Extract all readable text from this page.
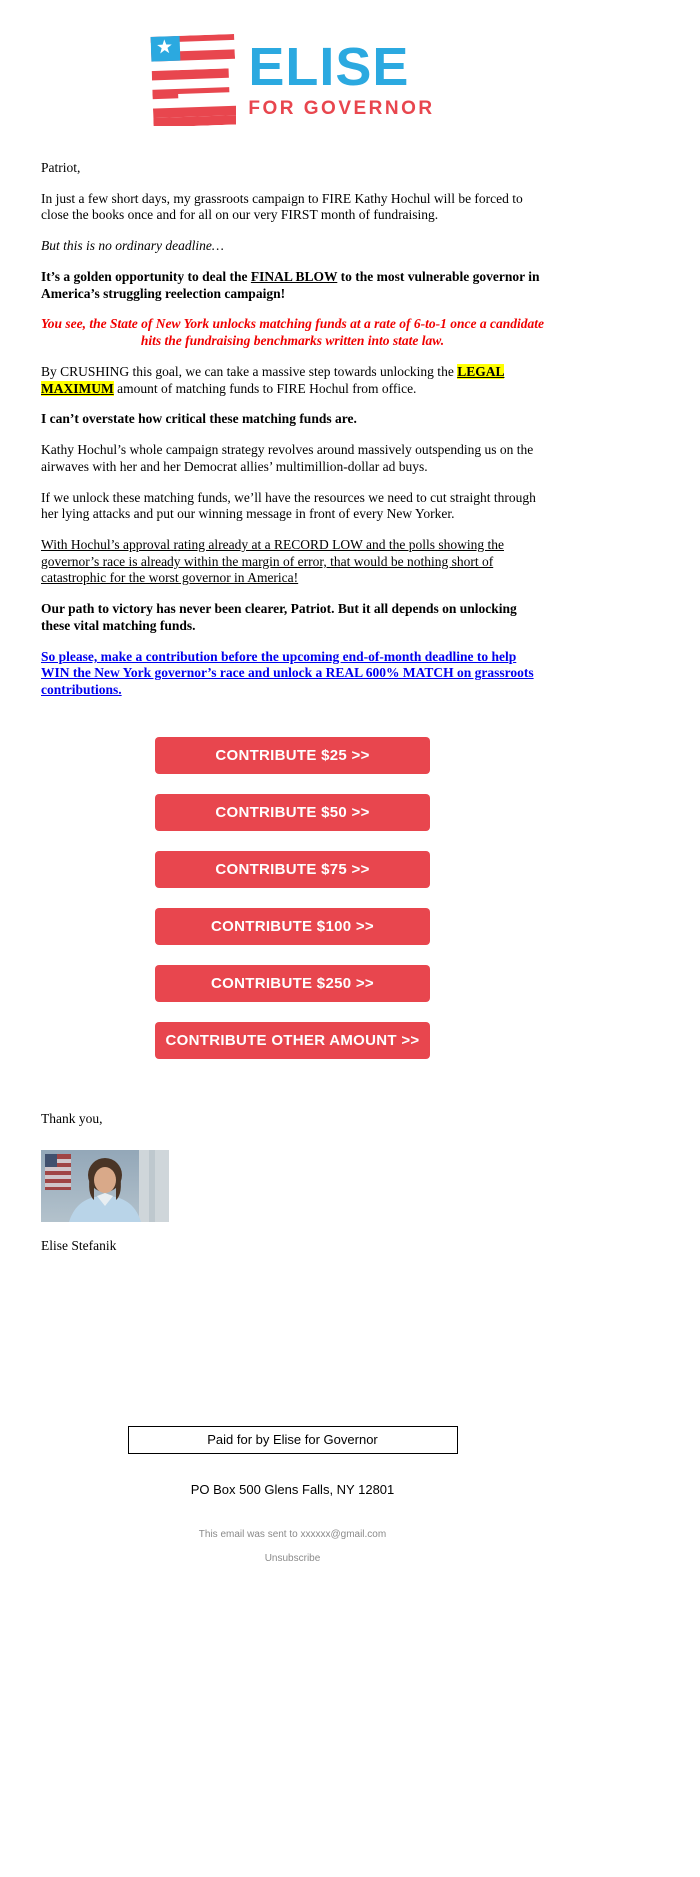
ELISE
FOR GOVERNOR

Patriot,

In just a few short days, my grassroots campaign to FIRE Kathy Hochul will be forced to close the books once and for all on our very FIRST month of fundraising.

But this is no ordinary deadline…

It’s a golden opportunity to deal the FINAL BLOW to the most vulnerable governor in America’s struggling reelection campaign!

You see, the State of New York unlocks matching funds at a rate of 6-to-1 once a candidate hits the fundraising benchmarks written into state law.

By CRUSHING this goal, we can take a massive step towards unlocking the LEGAL MAXIMUM amount of matching funds to FIRE Hochul from office.

I can’t overstate how critical these matching funds are.

Kathy Hochul’s whole campaign strategy revolves around massively outspending us on the airwaves with her and her Democrat allies’ multimillion-dollar ad buys.

If we unlock these matching funds, we’ll have the resources we need to cut straight through her lying attacks and put our winning message in front of every New Yorker.

With Hochul’s approval rating already at a RECORD LOW and the polls showing the governor’s race is already within the margin of error, that would be nothing short of catastrophic for the worst governor in America!

Our path to victory has never been clearer, Patriot. But it all depends on unlocking these vital matching funds.

So please, make a contribution before the upcoming end-of-month deadline to help WIN the New York governor’s race and unlock a REAL 600% MATCH on grassroots contributions.
CONTRIBUTE $25 >>
CONTRIBUTE $50 >>
CONTRIBUTE $75 >>
CONTRIBUTE $100 >>
CONTRIBUTE $250 >>
CONTRIBUTE OTHER AMOUNT >>

Thank you,

Elise Stefanik

Paid for by Elise for Governor
PO Box 500 Glens Falls, NY 12801
This email was sent to xxxxxx@gmail.com
Unsubscribe
